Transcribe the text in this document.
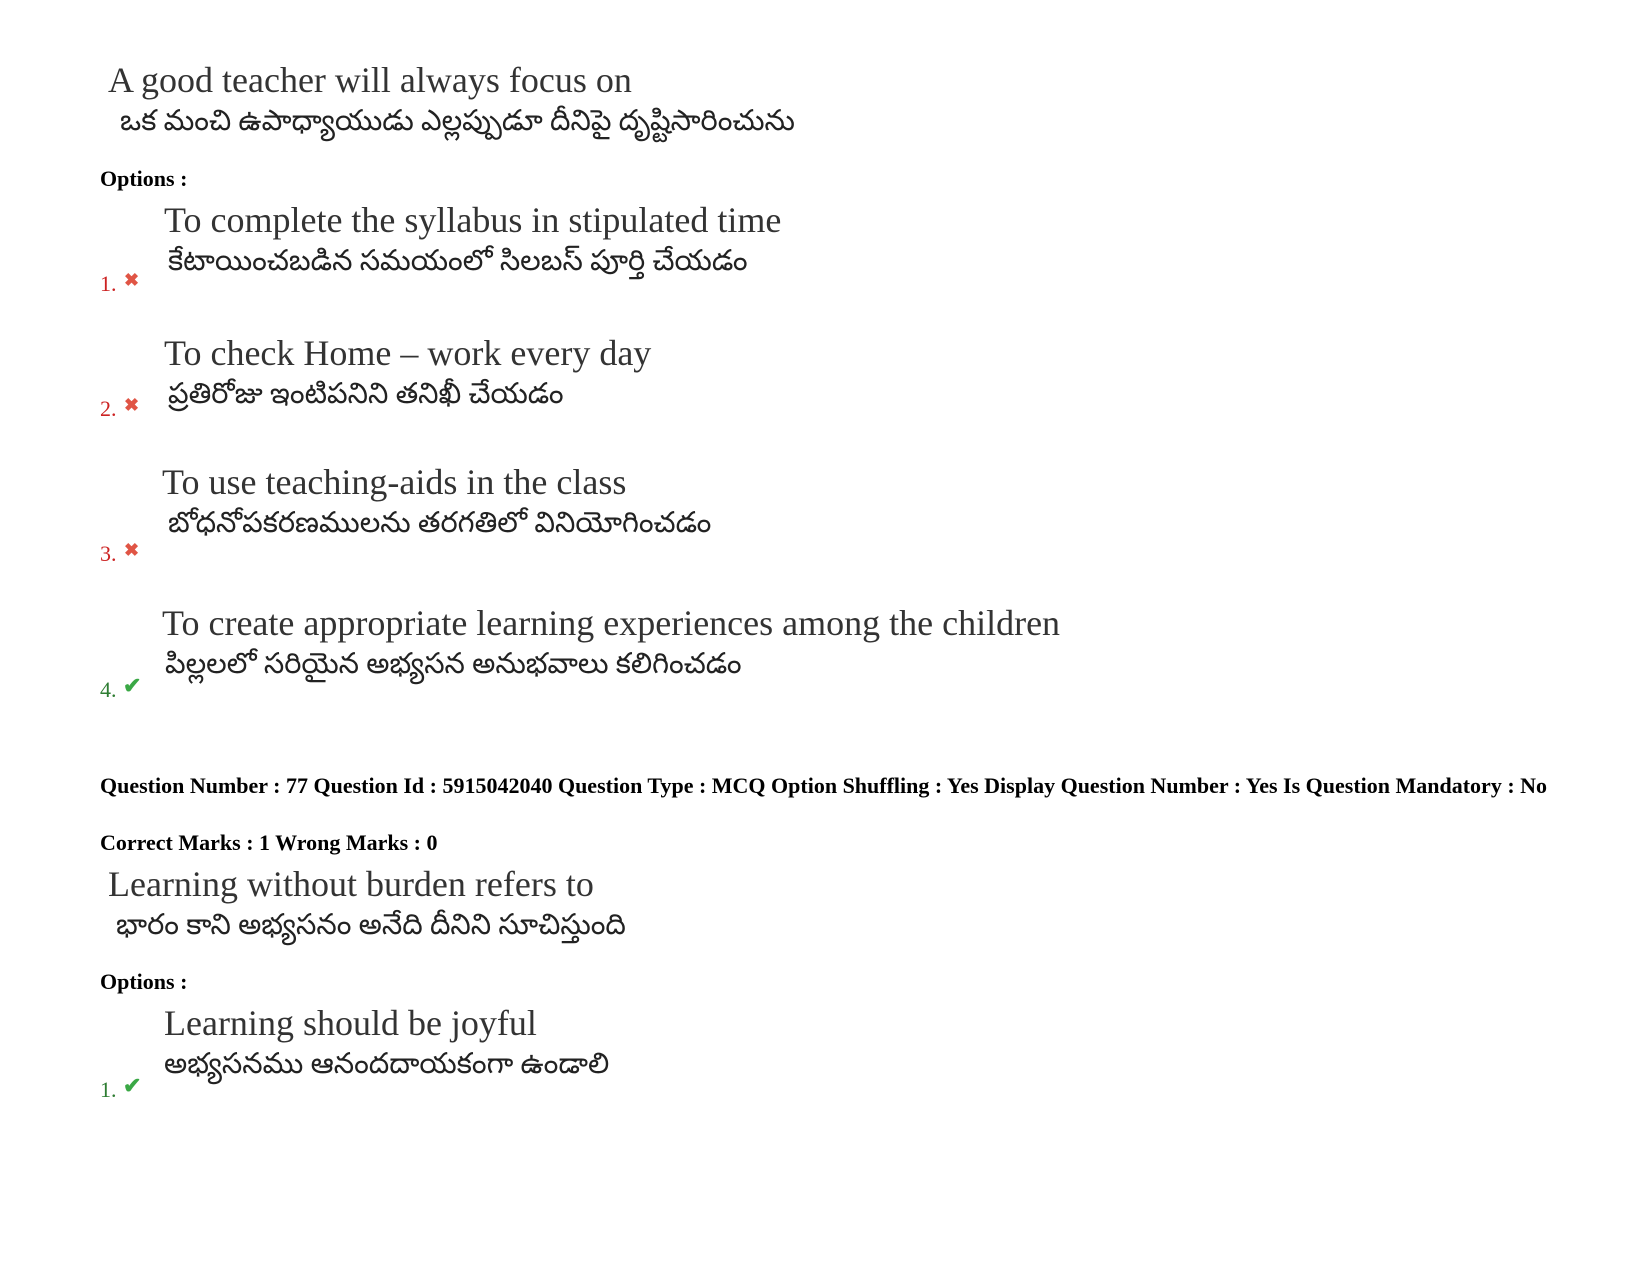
A good teacher will always focus on
ఒక మంచి ఉపాధ్యాయుడు ఎల్లప్పుడూ దీనిపై దృష్టిసారించును
Options :
To complete the syllabus in stipulated time
కేటాయించబడిన సమయంలో సిలబస్ పూర్తి చేయడం
1. ✖
To check Home – work every day
ప్రతిరోజు ఇంటిపనిని తనిఖీ చేయడం
2. ✖
To use teaching-aids in the class
బోధనోపకరణములను తరగతిలో వినియోగించడం
3. ✖
To create appropriate learning experiences among the children
పిల్లలలో సరియైన అభ్యసన అనుభవాలు కలిగించడం
4. ✔
Question Number : 77 Question Id : 5915042040 Question Type : MCQ Option Shuffling : Yes Display Question Number : Yes Is Question Mandatory : No
Correct Marks : 1 Wrong Marks : 0
Learning without burden refers to
భారం కాని అభ్యసనం అనేది దీనిని సూచిస్తుంది
Options :
Learning should be joyful
అభ్యసనము ఆనందదాయకంగా ఉండాలి
1. ✔
